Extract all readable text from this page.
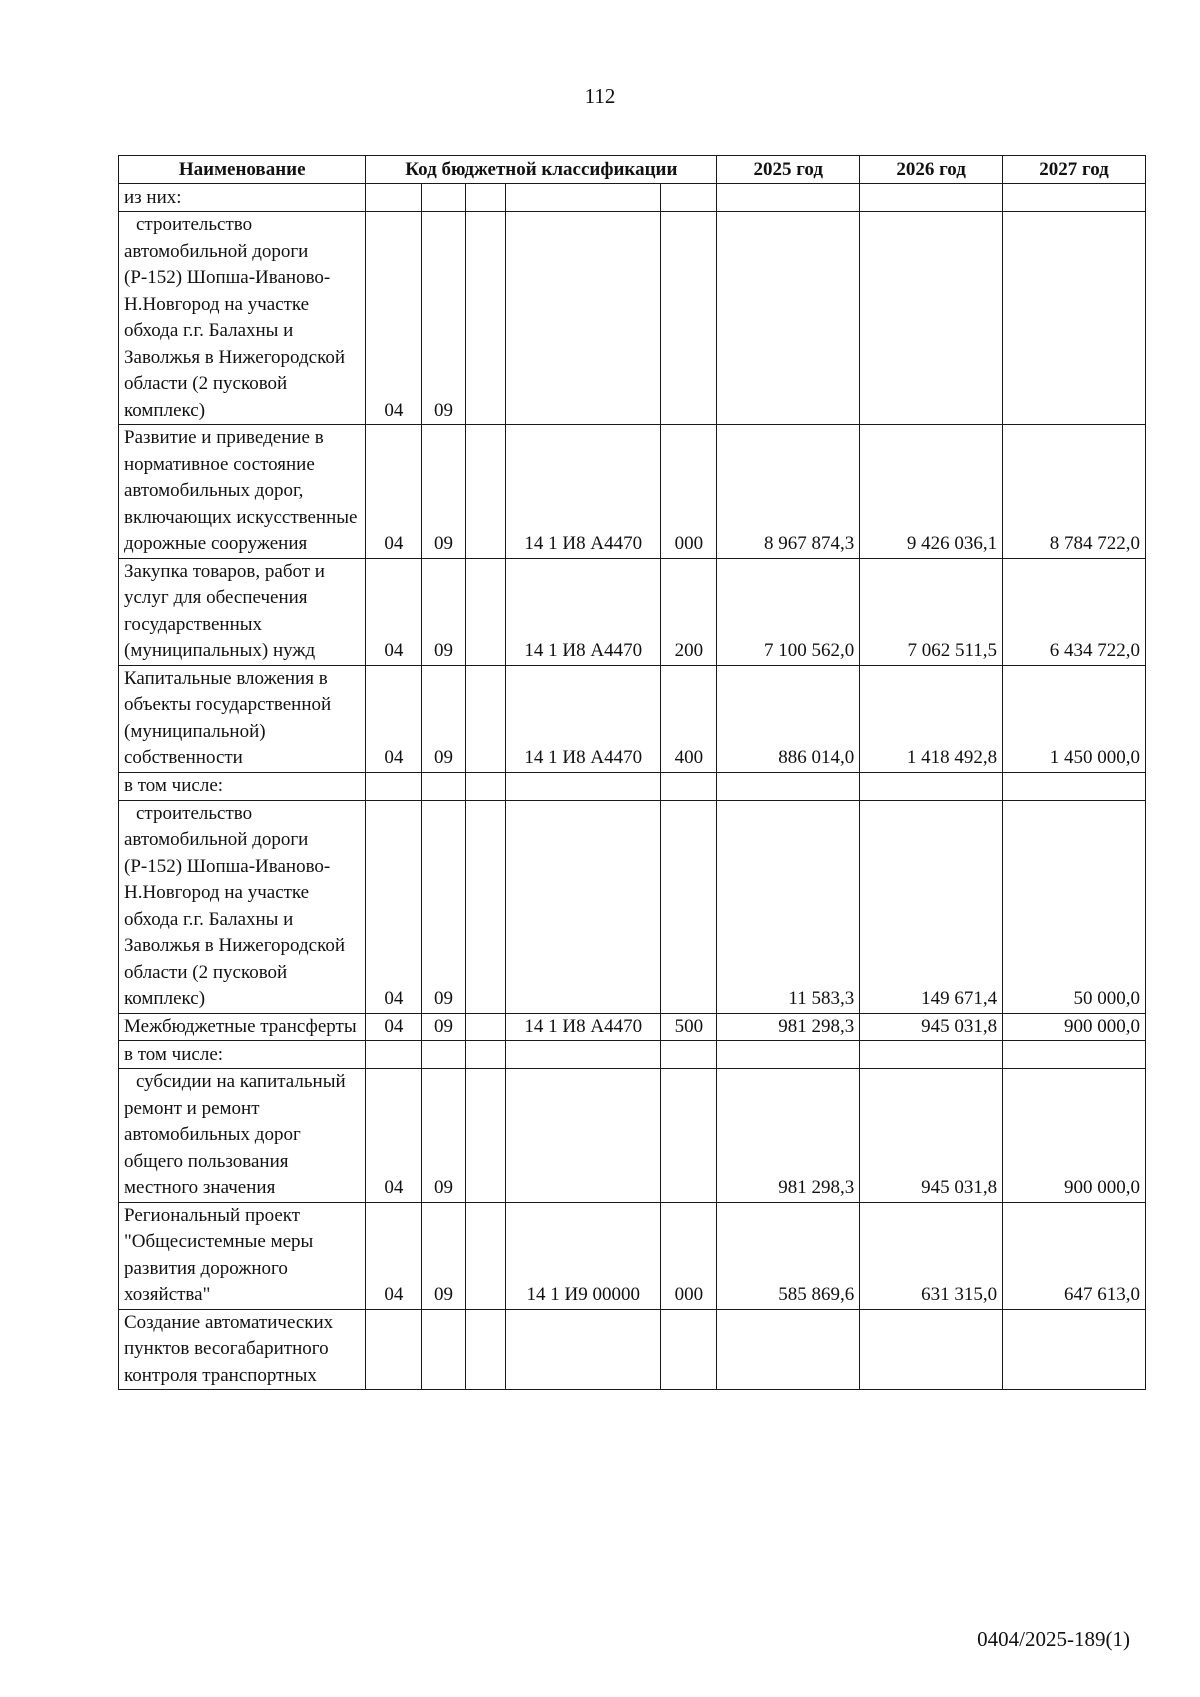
112
Наименование	Код бюджетной классификации					2025 год	2026 год	2027 год
из них:								
строительство автомобильной дороги (Р-152) Шопша-Иваново-Н.Новгород на участке обхода г.г. Балахны и Заволжья в Нижегородской области (2 пусковой комплекс)	04	09						
Развитие и приведение в нормативное состояние автомобильных дорог, включающих искусственные дорожные сооружения	04	09		14 1 И8 А4470	000	8 967 874,3	9 426 036,1	8 784 722,0
Закупка товаров, работ и услуг для обеспечения государственных (муниципальных) нужд	04	09		14 1 И8 А4470	200	7 100 562,0	7 062 511,5	6 434 722,0
Капитальные вложения в объекты государственной (муниципальной) собственности	04	09		14 1 И8 А4470	400	886 014,0	1 418 492,8	1 450 000,0
в том числе:								
строительство автомобильной дороги (Р-152) Шопша-Иваново-Н.Новгород на участке обхода г.г. Балахны и Заволжья в Нижегородской области (2 пусковой комплекс)	04	09				11 583,3	149 671,4	50 000,0
Межбюджетные трансферты	04	09		14 1 И8 А4470	500	981 298,3	945 031,8	900 000,0
в том числе:								
субсидии на капитальный ремонт и ремонт автомобильных дорог общего пользования местного значения	04	09				981 298,3	945 031,8	900 000,0
Региональный проект "Общесистемные меры развития дорожного хозяйства"	04	09		14 1 И9 00000	000	585 869,6	631 315,0	647 613,0
Создание автоматических пунктов весогабаритного контроля транспортных								
0404/2025-189(1)
